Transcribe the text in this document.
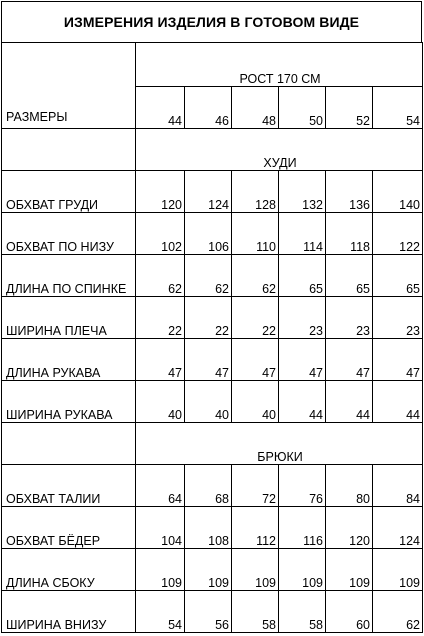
ИЗМЕРЕНИЯ ИЗДЕЛИЯ В ГОТОВОМ ВИДЕ
РАЗМЕРЫ	РОСТ 170 СМ					
	44	46	48	50	52	54
	ХУДИ					
ОБХВАТ ГРУДИ	120	124	128	132	136	140
ОБХВАТ ПО НИЗУ	102	106	110	114	118	122
ДЛИНА ПО СПИНКЕ	62	62	62	65	65	65
ШИРИНА ПЛЕЧА	22	22	22	23	23	23
ДЛИНА РУКАВА	47	47	47	47	47	47
ШИРИНА РУКАВА	40	40	40	44	44	44
	БРЮКИ					
ОБХВАТ ТАЛИИ	64	68	72	76	80	84
ОБХВАТ БЁДЕР	104	108	112	116	120	124
ДЛИНА СБОКУ	109	109	109	109	109	109
ШИРИНА ВНИЗУ	54	56	58	58	60	62
